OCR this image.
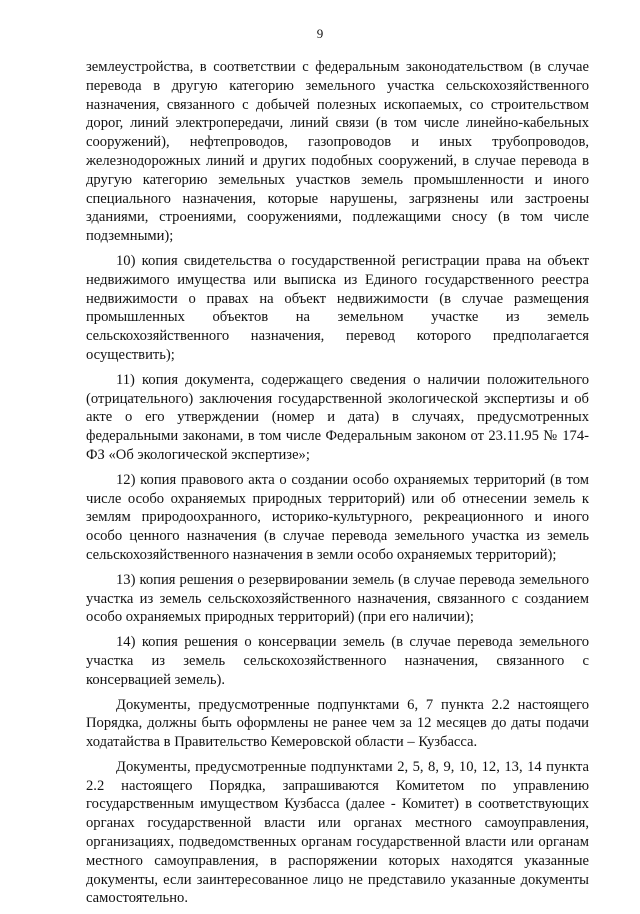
9

землеустройства, в соответствии с федеральным законодательством (в случае перевода в другую категорию земельного участка сельскохозяйственного назначения, связанного с добычей полезных ископаемых, со строительством дорог, линий электропередачи, линий связи (в том числе линейно-кабельных сооружений), нефтепроводов, газопроводов и иных трубопроводов, железнодорожных линий и других подобных сооружений, в случае перевода в другую категорию земельных участков земель промышленности и иного специального назначения, которые нарушены, загрязнены или застроены зданиями, строениями, сооружениями, подлежащими сносу (в том числе подземными);

10) копия свидетельства о государственной регистрации права на объект недвижимого имущества или выписка из Единого государственного реестра недвижимости о правах на объект недвижимости (в случае размещения промышленных объектов на земельном участке из земель сельскохозяйственного назначения, перевод которого предполагается осуществить);

11) копия документа, содержащего сведения о наличии положительного (отрицательного) заключения государственной экологической экспертизы и об акте о его утверждении (номер и дата) в случаях, предусмотренных федеральными законами, в том числе Федеральным законом от 23.11.95 № 174-ФЗ «Об экологической экспертизе»;

12) копия правового акта о создании особо охраняемых территорий (в том числе особо охраняемых природных территорий) или об отнесении земель к землям природоохранного, историко-культурного, рекреационного и иного особо ценного назначения (в случае перевода земельного участка из земель сельскохозяйственного назначения в земли особо охраняемых территорий);

13) копия решения о резервировании земель (в случае перевода земельного участка из земель сельскохозяйственного назначения, связанного с созданием особо охраняемых природных территорий) (при его наличии);

14) копия решения о консервации земель (в случае перевода земельного участка из земель сельскохозяйственного назначения, связанного с консервацией земель).

Документы, предусмотренные подпунктами 6, 7 пункта 2.2 настоящего Порядка, должны быть оформлены не ранее чем за 12 месяцев до даты подачи ходатайства в Правительство Кемеровской области – Кузбасса.

Документы, предусмотренные подпунктами 2, 5, 8, 9, 10, 12, 13, 14 пункта 2.2 настоящего Порядка, запрашиваются Комитетом по управлению государственным имуществом Кузбасса (далее - Комитет) в соответствующих органах государственной власти или органах местного самоуправления, организациях, подведомственных органам государственной власти или органам местного самоуправления, в распоряжении которых находятся указанные документы, если заинтересованное лицо не представило указанные документы самостоятельно.
